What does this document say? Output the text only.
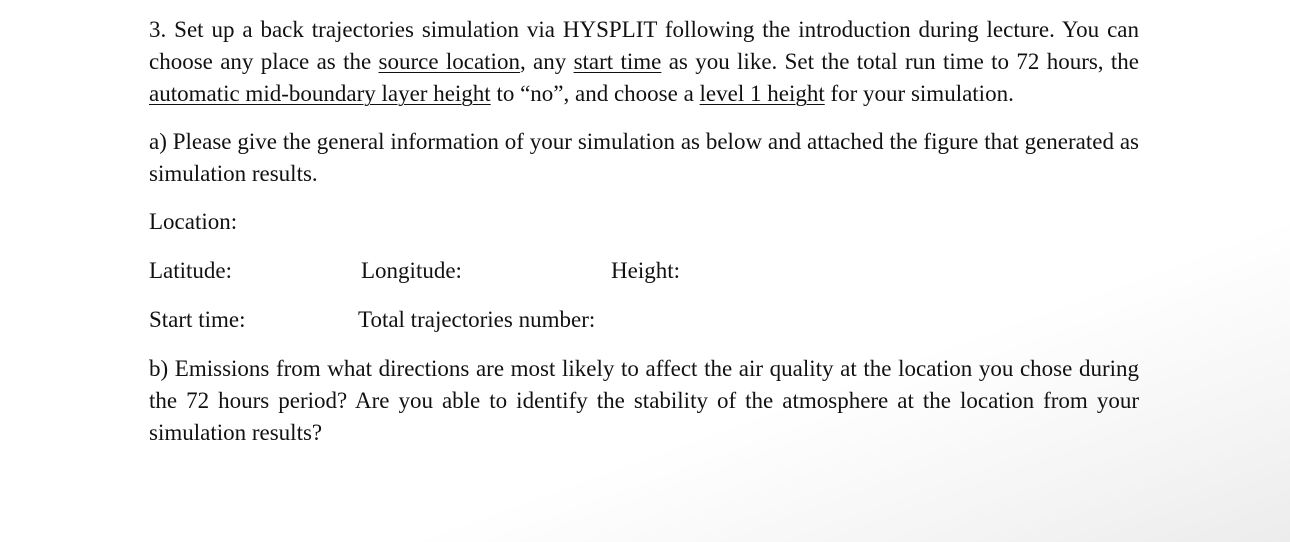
3. Set up a back trajectories simulation via HYSPLIT following the introduction during lecture. You can choose any place as the source location, any start time as you like. Set the total run time to 72 hours, the automatic mid-boundary layer height to “no”, and choose a level 1 height for your simulation.

a) Please give the general information of your simulation as below and attached the figure that generated as simulation results.

Location:
Latitude:	Longitude:	Height:
Start time:	Total trajectories number:

b) Emissions from what directions are most likely to affect the air quality at the location you chose during the 72 hours period? Are you able to identify the stability of the atmosphere at the location from your simulation results?
